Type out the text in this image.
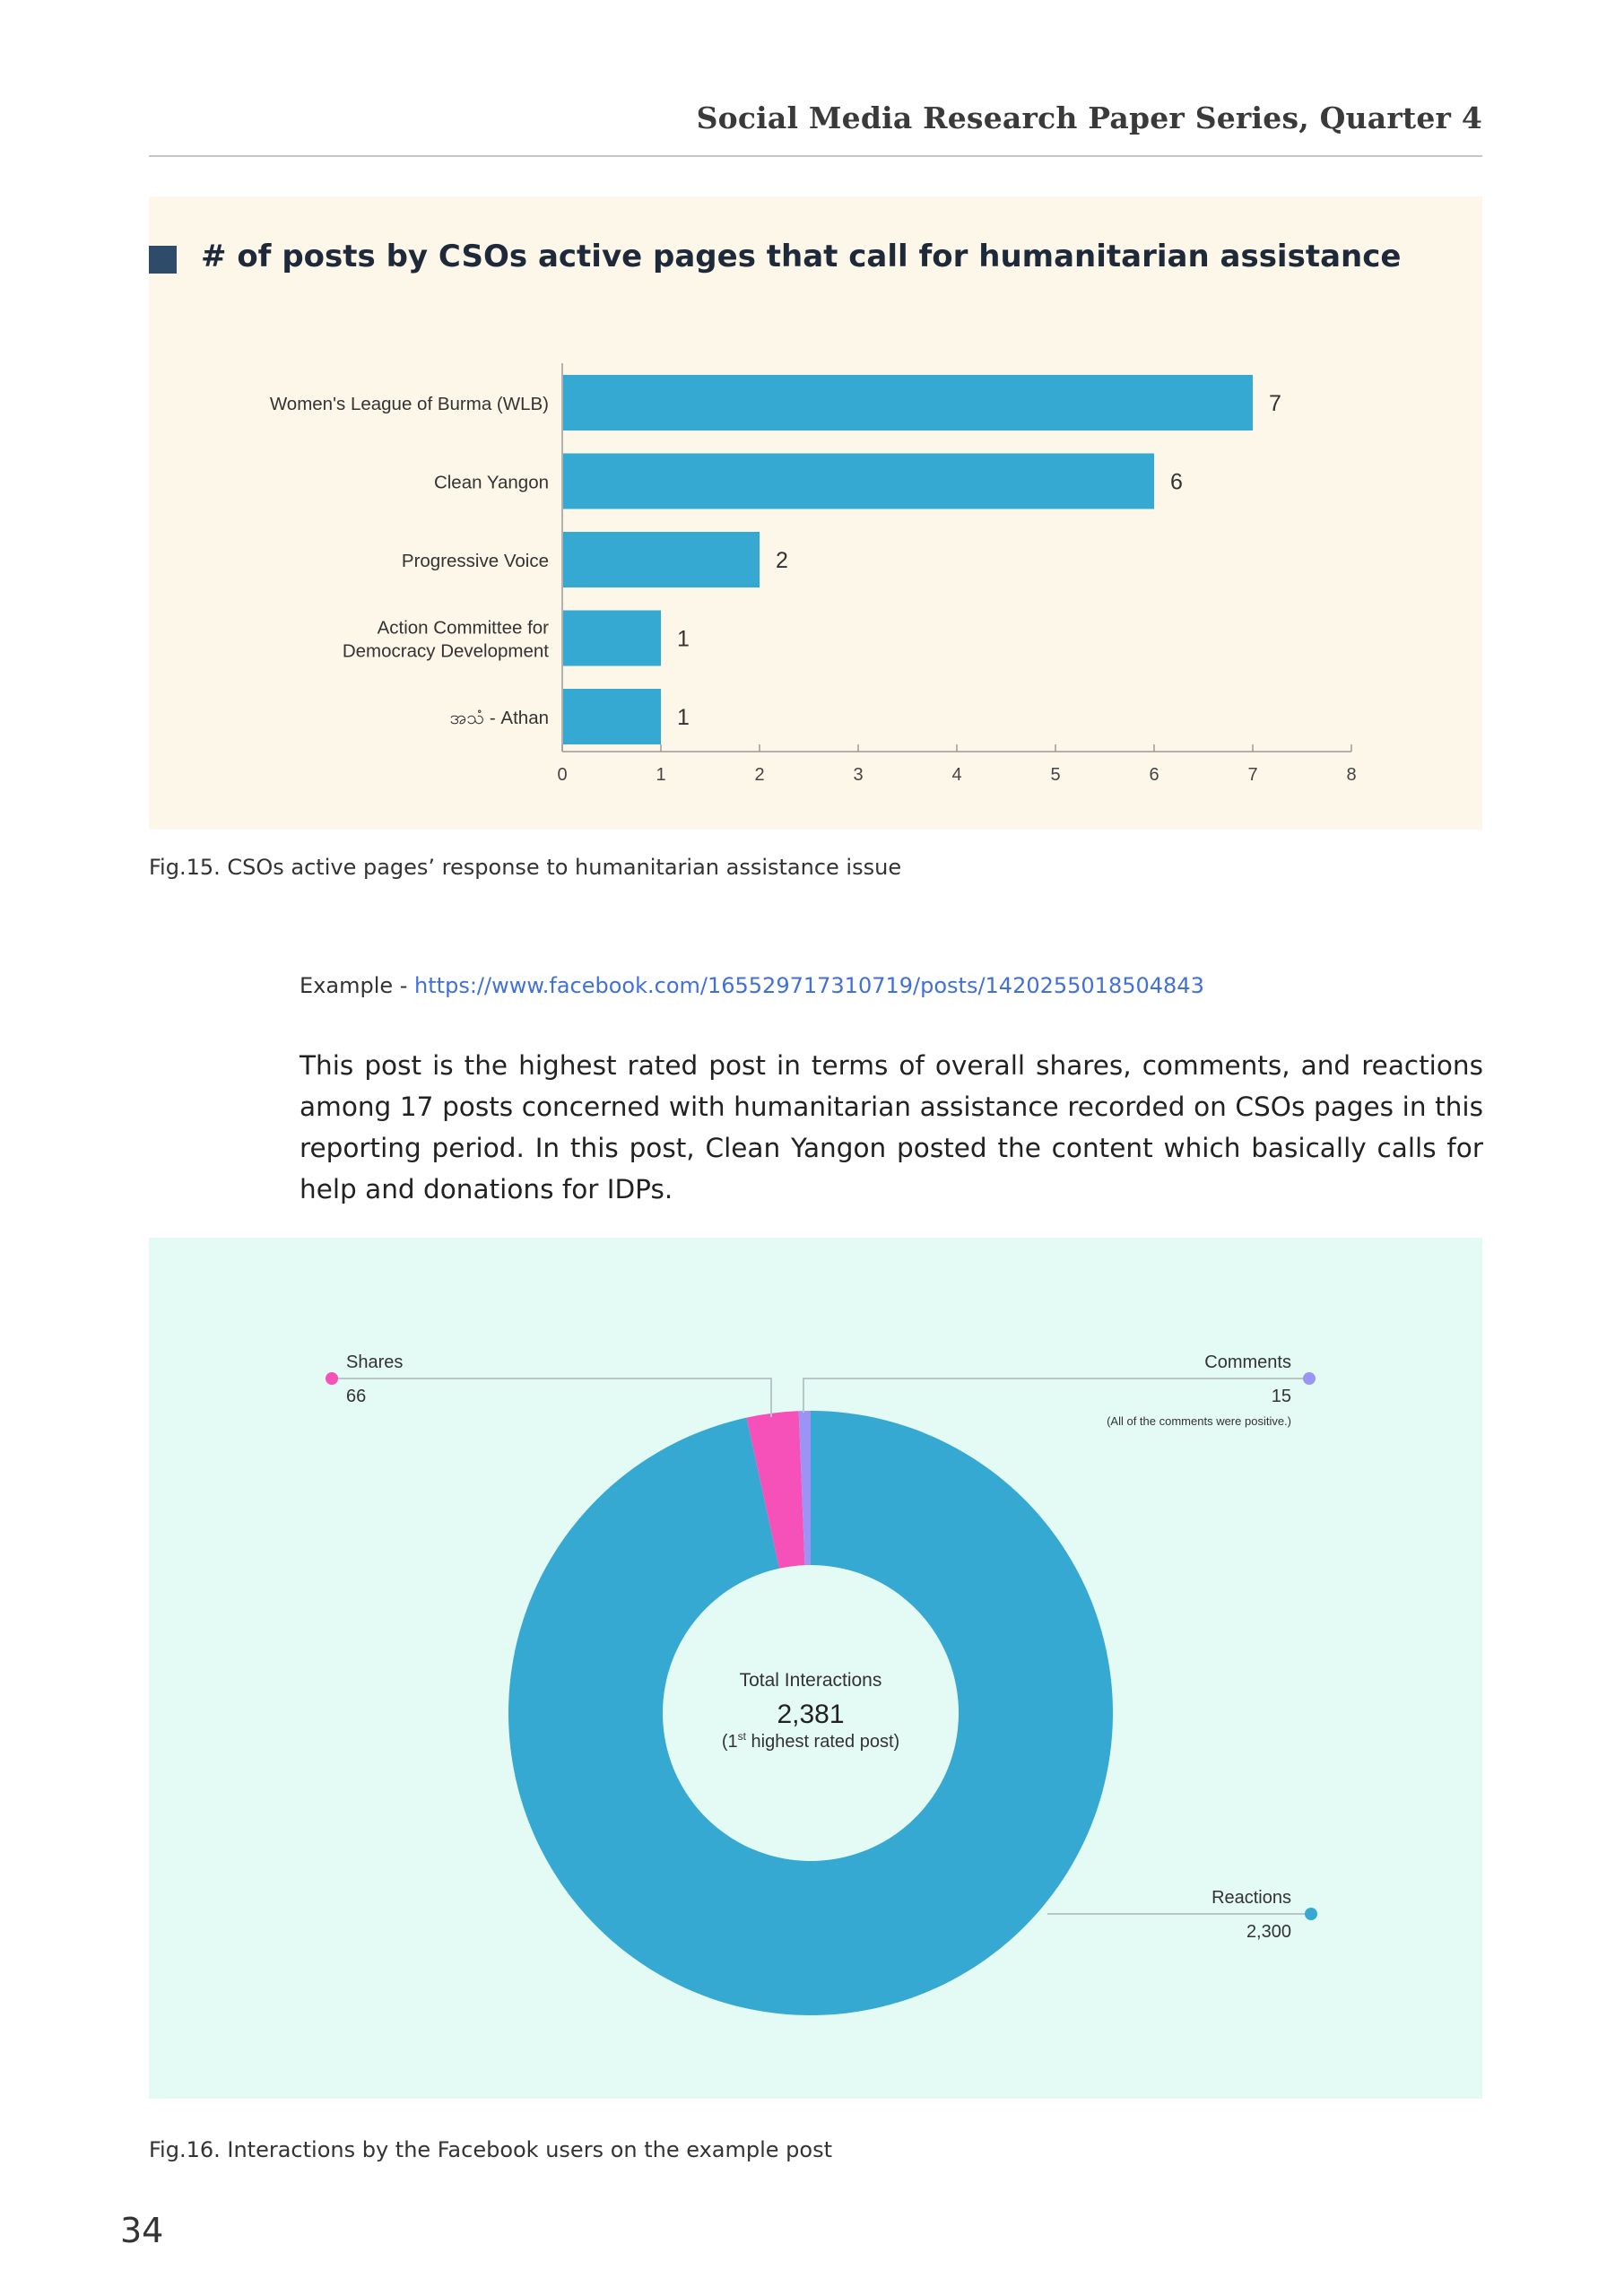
Social Media Research Paper Series, Quarter 4
# of posts by CSOs active pages that call for humanitarian assistance
0	1	2	3	4	5	6	7	8
7
Women's League of Burma (WLB)
6
Clean Yangon
2
Progressive Voice
1
Action Committee for
Democracy Development
1
အသံ - Athan
Fig.15. CSOs active pages’ response to humanitarian assistance issue
Example - https://www.facebook.com/165529717310719/posts/1420255018504843
This post is the highest rated post in terms of overall shares, comments, and reactions among 17 posts concerned with humanitarian assistance recorded on CSOs pages in this reporting period. In this post, Clean Yangon posted the content which basically calls for help and donations for IDPs.
Shares
66
Comments
15
(All of the comments were positive.)
Reactions
2,300
Total Interactions
2,381
(1st highest rated post)
Fig.16. Interactions by the Facebook users on the example post
34
